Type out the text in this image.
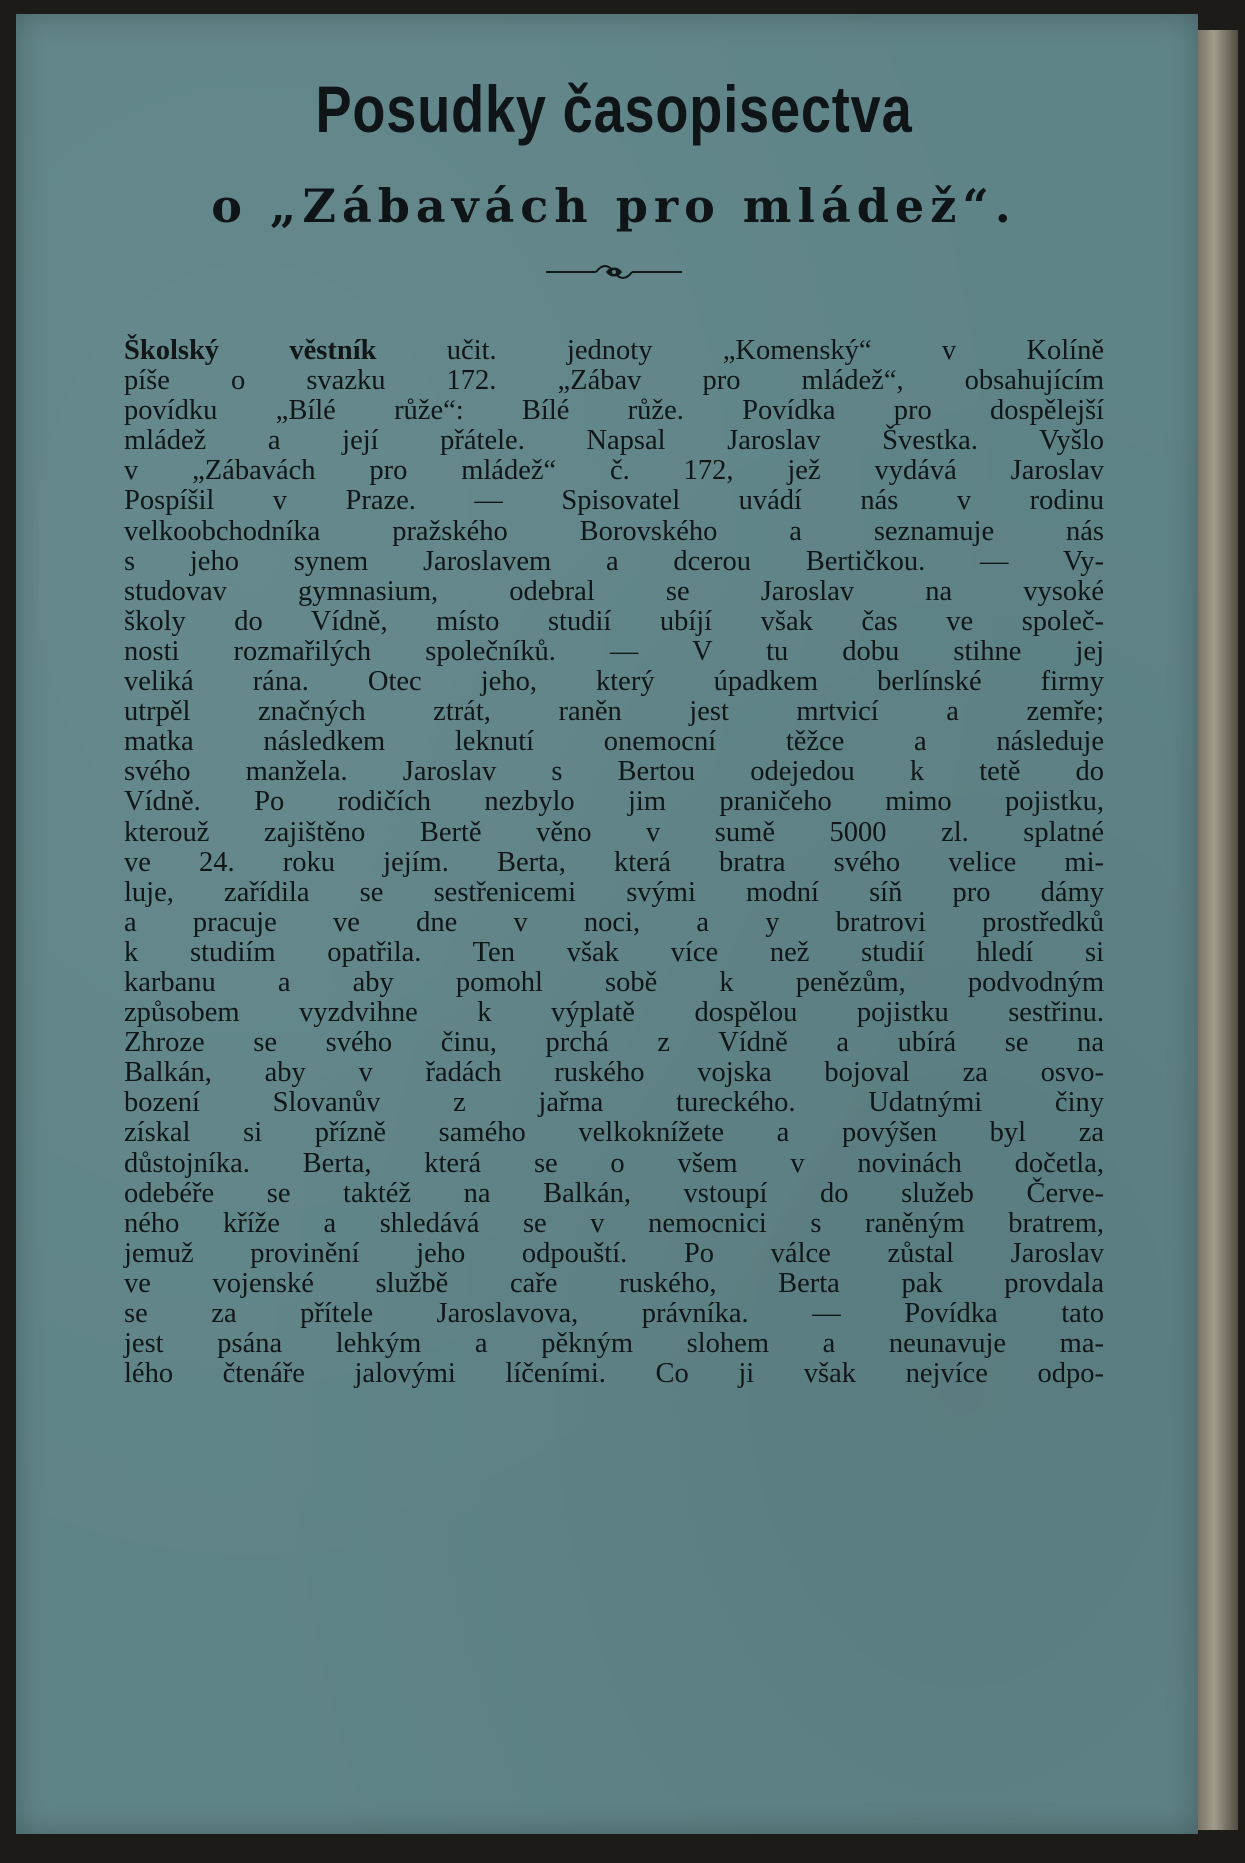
Posudky časopisectva
o „Zábavách pro mládež“.
Školský věstník učit. jednoty „Komenský“ v Kolíně
píše o svazku 172. „Zábav pro mládež“, obsahujícím
povídku „Bílé růže“: Bílé růže. Povídka pro dospělejší
mládež a její přátele. Napsal Jaroslav Švestka. Vyšlo
v „Zábavách pro mládež“ č. 172, jež vydává Jaroslav
Pospíšil v Praze. — Spisovatel uvádí nás v rodinu
velkoobchodníka pražského Borovského a seznamuje nás
s jeho synem Jaroslavem a dcerou Bertičkou. — Vy-
studovav gymnasium, odebral se Jaroslav na vysoké
školy do Vídně, místo studií ubíjí však čas ve společ-
nosti rozmařilých společníků. — V tu dobu stihne jej
veliká rána. Otec jeho, který úpadkem berlínské firmy
utrpěl značných ztrát, raněn jest mrtvicí a zemře;
matka následkem leknutí onemocní těžce a následuje
svého manžela. Jaroslav s Bertou odejedou k tetě do
Vídně. Po rodičích nezbylo jim praničeho mimo pojistku,
kterouž zajištěno Bertě věno v sumě 5000 zl. splatné
ve 24. roku jejím. Berta, která bratra svého velice mi-
luje, zařídila se sestřenicemi svými modní síň pro dámy
a pracuje ve dne v noci, a y bratrovi prostředků
k studiím opatřila. Ten však více než studií hledí si
karbanu a aby pomohl sobě k penězům, podvodným
způsobem vyzdvihne k výplatě dospělou pojistku sestřinu.
Zhroze se svého činu, prchá z Vídně a ubírá se na
Balkán, aby v řadách ruského vojska bojoval za osvo-
bození Slovanův z jařma tureckého. Udatnými činy
získal si přízně samého velkoknížete a povýšen byl za
důstojníka. Berta, která se o všem v novinách dočetla,
odebéře se taktéž na Balkán, vstoupí do služeb Červe-
ného kříže a shledává se v nemocnici s raněným bratrem,
jemuž provinění jeho odpouští. Po válce zůstal Jaroslav
ve vojenské službě caře ruského, Berta pak provdala
se za přítele Jaroslavova, právníka. — Povídka tato
jest psána lehkým a pěkným slohem a neunavuje ma-
lého čtenáře jalovými líčeními. Co ji však nejvíce odpo-
